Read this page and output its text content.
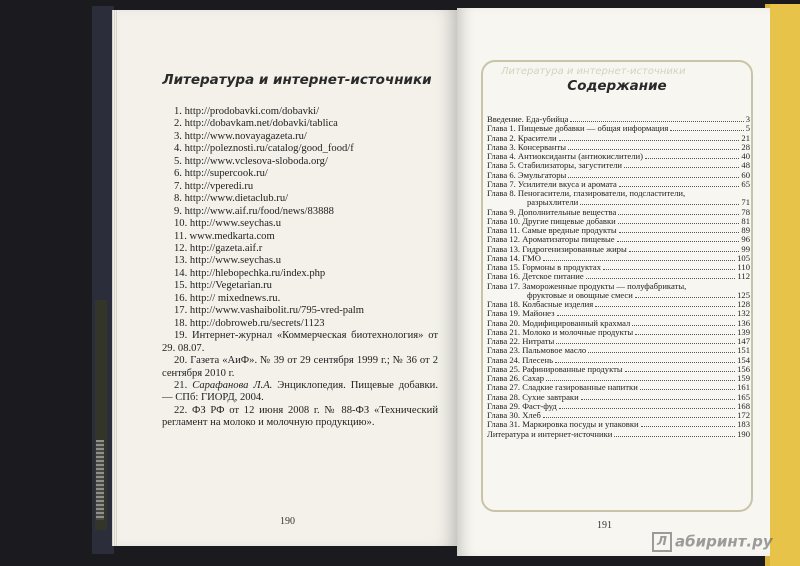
Литература и интернет-источники
1. http://prodobavki.com/dobavki/
2. http://dobavkam.net/dobavki/tablica
3. http://www.novayagazeta.ru/
4. http://poleznosti.ru/catalog/good_food/f
5. http://www.vclesova-sloboda.org/
6. http://supercook.ru/
7. http://vperedi.ru
8. http://www.dietaclub.ru/
9. http://www.aif.ru/food/news/83888
10. http://www.seychas.u
11. www.medkarta.com
12. http://gazeta.aif.r
13. http://www.seychas.u
14. http://hlebopechka.ru/index.php
15. http://Vegetarian.ru
16. http:// mixednews.ru.
17. http://www.vashaibolit.ru/795-vred-palm
18. http://dobroweb.ru/secrets/1123
19. Интернет-журнал «Коммерческая биотехнология» от 29. 08.07.
20. Газета «АиФ». № 39 от 29 сентября 1999 г.; № 36 от 2 сентября 2010 г.
21. Сарафанова Л.А. Энциклопедия. Пищевые добавки. — СПб: ГИОРД, 2004.
22. ФЗ РФ от 12 июня 2008 г. № 88-ФЗ «Технический регламент на молоко и молочную продукцию».
190
Литература и интернет-источники
Содержание
Введение. Еда-убийца	3
Глава 1. Пищевые добавки — общая информация	5
Глава 2. Красители	21
Глава 3. Консерванты	28
Глава 4. Антиоксиданты (антиокислители)	40
Глава 5. Стабилизаторы, загустители	48
Глава 6. Эмульгаторы	60
Глава 7. Усилители вкуса и аромата	65
Глава 8. Пеногасители, глазирователи, подсластители,
разрыхлители	71
Глава 9. Дополнительные вещества	78
Глава 10. Другие пищевые добавки	81
Глава 11. Самые вредные продукты	89
Глава 12. Ароматизаторы пищевые	96
Глава 13. Гидрогенизированные жиры	99
Глава 14. ГМО	105
Глава 15. Гормоны в продуктах	110
Глава 16. Детское питание	112
Глава 17. Замороженные продукты — полуфабрикаты,
фруктовые и овощные смеси	125
Глава 18. Колбасные изделия	128
Глава 19. Майонез	132
Глава 20. Модифицированный крахмал	136
Глава 21. Молоко и молочные продукты	139
Глава 22. Нитраты	147
Глава 23. Пальмовое масло	151
Глава 24. Плесень	154
Глава 25. Рафинированные продукты	156
Глава 26. Сахар	159
Глава 27. Сладкие газированные напитки	161
Глава 28. Сухие завтраки	165
Глава 29. Фаст-фуд	168
Глава 30. Хлеб	172
Глава 31. Маркировка посуды и упаковки	183
Литература и интернет-источники	190
191
Л абиринт.ру
